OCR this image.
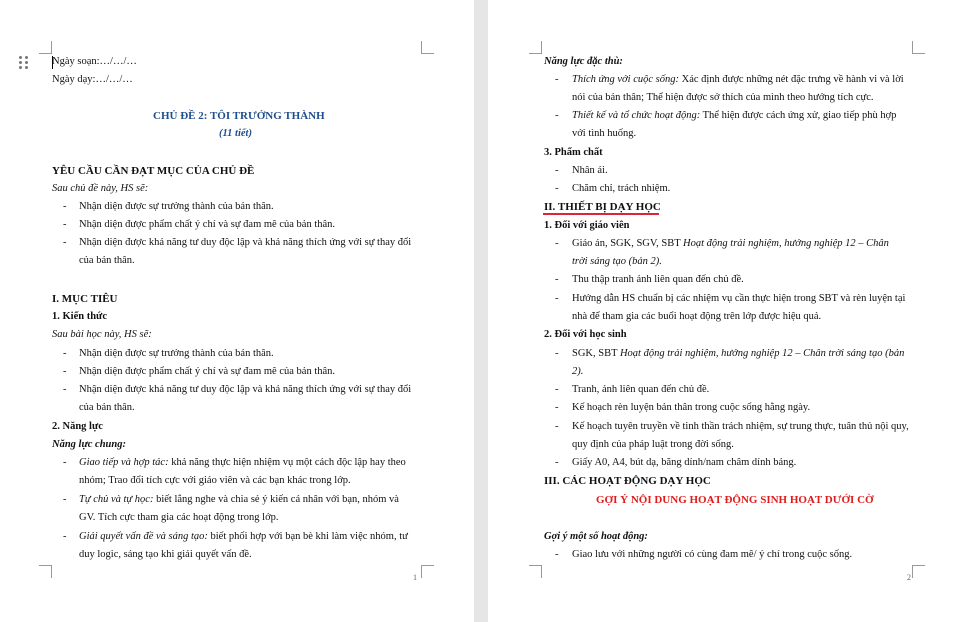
Ngày soạn:…/…/…
Ngày dạy:…/…/…
CHỦ ĐỀ 2: TÔI TRƯỞNG THÀNH
(11 tiết)
YÊU CẦU CẦN ĐẠT MỤC CỦA CHỦ ĐỀ
Sau chủ đề này, HS sẽ:
- Nhận diện được sự trưởng thành của bản thân.
- Nhận diện được phẩm chất ý chí và sự đam mê của bản thân.
- Nhận diện được khả năng tư duy độc lập và khả năng thích ứng với sự thay đổi
của bản thân.
I. MỤC TIÊU
1. Kiến thức
Sau bài học này, HS sẽ:
- Nhận diện được sự trưởng thành của bản thân.
- Nhận diện được phẩm chất ý chí và sự đam mê của bản thân.
- Nhận diện được khả năng tư duy độc lập và khả năng thích ứng với sự thay đổi
của bản thân.
2. Năng lực
Năng lực chung:
- Giao tiếp và hợp tác: khả năng thực hiện nhiệm vụ một cách độc lập hay theo
nhóm; Trao đổi tích cực với giáo viên và các bạn khác trong lớp.
- Tự chủ và tự học: biết lắng nghe và chia sẻ ý kiến cá nhân với bạn, nhóm và
GV. Tích cực tham gia các hoạt động trong lớp.
- Giải quyết vấn đề và sáng tạo: biết phối hợp với bạn bè khi làm việc nhóm, tư
duy logic, sáng tạo khi giải quyết vấn đề.
1
Năng lực đặc thù:
- Thích ứng với cuộc sống: Xác định được những nét đặc trưng về hành vi và lời
nói của bản thân; Thể hiện được sở thích của mình theo hướng tích cực.
- Thiết kế và tổ chức hoạt động: Thể hiện được cách ứng xử, giao tiếp phù hợp
với tình huống.
3. Phẩm chất
- Nhân ái.
- Chăm chỉ, trách nhiệm.
II. THIẾT BỊ DẠY HỌC
1. Đối với giáo viên
- Giáo án, SGK, SGV, SBT Hoạt động trải nghiệm, hướng nghiệp 12 – Chân
trời sáng tạo (bản 2).
- Thu thập tranh ảnh liên quan đến chủ đề.
- Hướng dẫn HS chuẩn bị các nhiệm vụ cần thực hiện trong SBT và rèn luyện tại
nhà để tham gia các buổi hoạt động trên lớp được hiệu quả.
2. Đối với học sinh
- SGK, SBT Hoạt động trải nghiệm, hướng nghiệp 12 – Chân trời sáng tạo (bản
2).
- Tranh, ảnh liên quan đến chủ đề.
- Kế hoạch rèn luyện bản thân trong cuộc sống hằng ngày.
- Kế hoạch tuyên truyền về tinh thần trách nhiệm, sự trung thực, tuân thủ nội quy,
quy định của pháp luật trong đời sống.
- Giấy A0, A4, bút dạ, băng dính/nam châm dính bảng.
III. CÁC HOẠT ĐỘNG DẠY HỌC
GỢI Ý NỘI DUNG HOẠT ĐỘNG SINH HOẠT DƯỚI CỜ
Gợi ý một số hoạt động:
- Giao lưu với những người có cùng đam mê/ ý chí trong cuộc sống.
2
